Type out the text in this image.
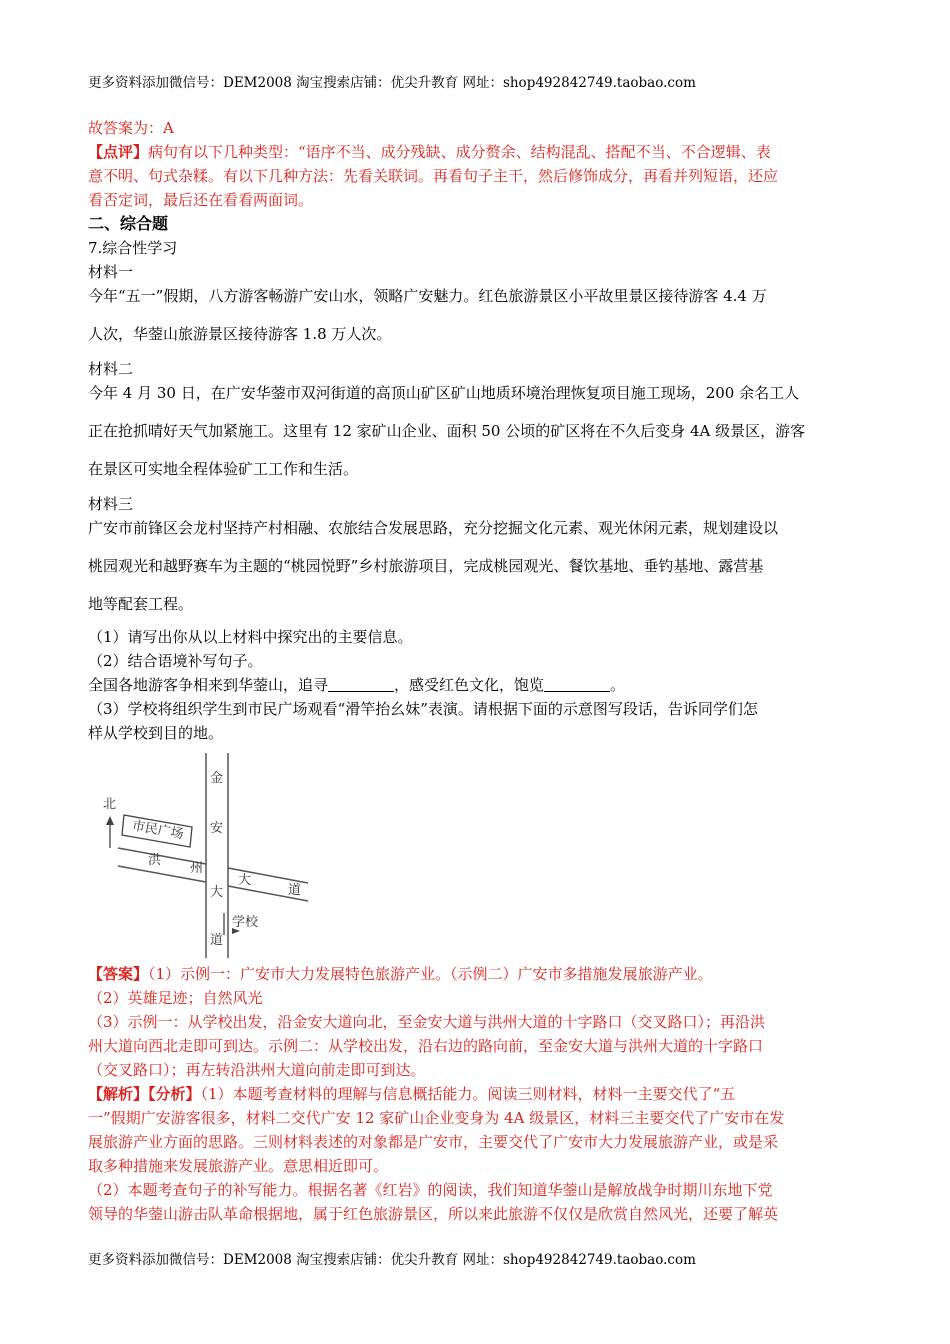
更多资料添加微信号：DEM2008 淘宝搜索店铺：优尖升教育 网址：shop492842749.taobao.com

故答案为：A

【点评】病句有以下几种类型：“语序不当、成分残缺、成分赘余、结构混乱、搭配不当、不合逻辑、表

意不明、句式杂糅。有以下几种方法：先看关联词。再看句子主干，然后修饰成分，再看并列短语，还应

看否定词，最后还在看看两面词。

二、综合题

7.综合性学习

材料一

今年“五一”假期，八方游客畅游广安山水，领略广安魅力。红色旅游景区小平故里景区接待游客 4.4 万

人次，华蓥山旅游景区接待游客 1.8 万人次。

材料二

今年 4 月 30 日，在广安华蓥市双河街道的高顶山矿区矿山地质环境治理恢复项目施工现场，200 余名工人

正在抢抓晴好天气加紧施工。这里有 12 家矿山企业、面积 50 公顷的矿区将在不久后变身 4A 级景区，游客

在景区可实地全程体验矿工工作和生活。

材料三

广安市前锋区会龙村坚持产村相融、农旅结合发展思路，充分挖掘文化元素、观光休闲元素，规划建设以

桃园观光和越野赛车为主题的“桃园悦野”乡村旅游项目，完成桃园观光、餐饮基地、垂钓基地、露营基

地等配套工程。

（1）请写出你从以上材料中探究出的主要信息。

（2）结合语境补写句子。

全国各地游客争相来到华蓥山，追寻	，感受红色文化，饱览	。

（3）学校将组织学生到市民广场观看“滑竿抬幺妹”表演。请根据下面的示意图写段话，告诉同学们怎

样从学校到目的地。

北
市民广场
金
安
大
道
洪
州
大
道
学校

【答案】（1）示例一：广安市大力发展特色旅游产业。（示例二）广安市多措施发展旅游产业。

（2）英雄足迹；自然风光

（3）示例一：从学校出发，沿金安大道向北，至金安大道与洪州大道的十字路口（交叉路口）；再沿洪

州大道向西北走即可到达。示例二：从学校出发，沿右边的路向前，至金安大道与洪州大道的十字路口

（交叉路口）；再左转沿洪州大道向前走即可到达。

【解析】【分析】（1）本题考查材料的理解与信息概括能力。阅读三则材料，材料一主要交代了“五

一”假期广安游客很多，材料二交代广安 12 家矿山企业变身为 4A 级景区，材料三主要交代了广安市在发

展旅游产业方面的思路。三则材料表述的对象都是广安市，主要交代了广安市大力发展旅游产业，或是采

取多种措施来发展旅游产业。意思相近即可。

（2）本题考查句子的补写能力。根据名著《红岩》的阅读，我们知道华蓥山是解放战争时期川东地下党

领导的华蓥山游击队革命根据地，属于红色旅游景区，所以来此旅游不仅仅是欣赏自然风光，还要了解英

更多资料添加微信号：DEM2008 淘宝搜索店铺：优尖升教育 网址：shop492842749.taobao.com
